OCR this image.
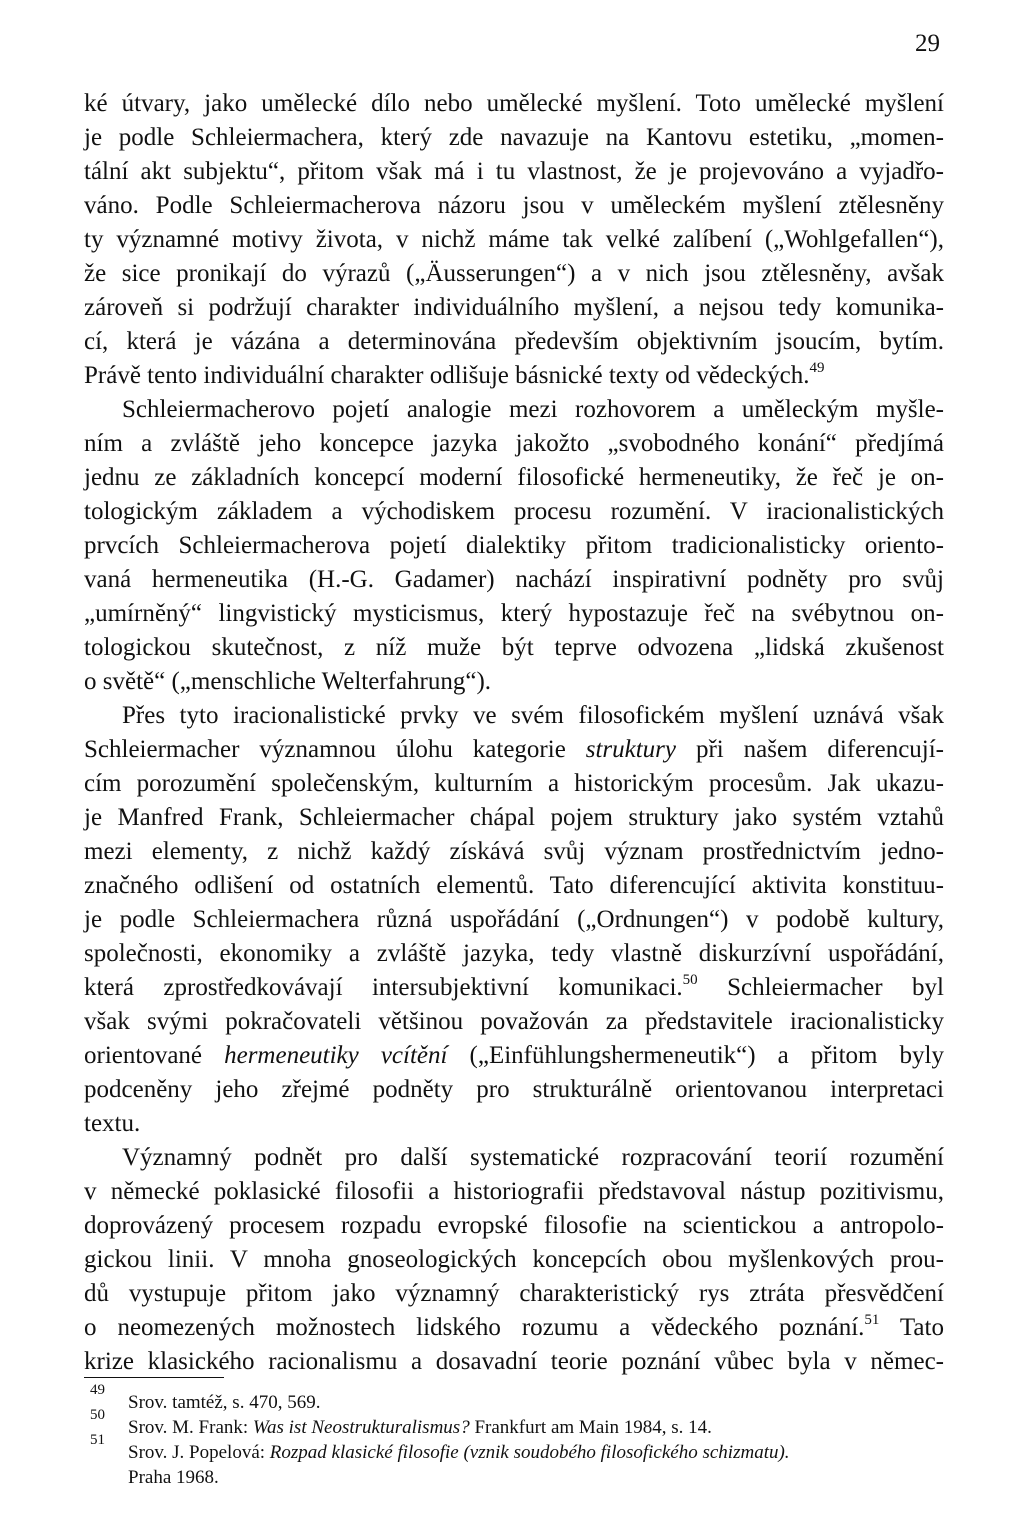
29
ké útvary, jako umělecké dílo nebo umělecké myšlení. Toto umělecké myšlení
je podle Schleiermachera, který zde navazuje na Kantovu estetiku, „momen-
tální akt subjektu“, přitom však má i tu vlastnost, že je projevováno a vyjadřo-
váno. Podle Schleiermacherova názoru jsou v uměleckém myšlení ztělesněny
ty významné motivy života, v nichž máme tak velké zalíbení („Wohlgefallen“),
že sice pronikají do výrazů („Äusserungen“) a v nich jsou ztělesněny, avšak
zároveň si podržují charakter individuálního myšlení, a nejsou tedy komunika-
cí, která je vázána a determinována především objektivním jsoucím, bytím.
Právě tento individuální charakter odlišuje básnické texty od vědeckých.$^{49}$
Schleiermacherovo pojetí analogie mezi rozhovorem a uměleckým myšle-
ním a zvláště jeho koncepce jazyka jakožto „svobodného konání“ předjímá
jednu ze základních koncepcí moderní filosofické hermeneutiky, že řeč je on-
tologickým základem a východiskem procesu rozumění. V iracionalistických
prvcích Schleiermacherova pojetí dialektiky přitom tradicionalisticky oriento-
vaná hermeneutika (H.-G. Gadamer) nachází inspirativní podněty pro svůj
„umírněný“ lingvistický mysticismus, který hypostazuje řeč na svébytnou on-
tologickou skutečnost, z níž muže být teprve odvozena „lidská zkušenost
o světě“ („menschliche Welterfahrung“).
Přes tyto iracionalistické prvky ve svém filosofickém myšlení uznává však
Schleiermacher významnou úlohu kategorie struktury při našem diferencují-
cím porozumění společenským, kulturním a historickým procesům. Jak ukazu-
je Manfred Frank, Schleiermacher chápal pojem struktury jako systém vztahů
mezi elementy, z nichž každý získává svůj význam prostřednictvím jedno-
značného odlišení od ostatních elementů. Tato diferencující aktivita konstituu-
je podle Schleiermachera různá uspořádání („Ordnungen“) v podobě kultury,
společnosti, ekonomiky a zvláště jazyka, tedy vlastně diskurzívní uspořádání,
která zprostředkovávají intersubjektivní komunikaci.$^{50}$ Schleiermacher byl
však svými pokračovateli většinou považován za představitele iracionalisticky
orientované hermeneutiky vcítění („Einfühlungshermeneutik“) a přitom byly
podceněny jeho zřejmé podněty pro strukturálně orientovanou interpretaci
textu.
Významný podnět pro další systematické rozpracování teorií rozumění
v německé poklasické filosofii a historiografii představoval nástup pozitivismu,
doprovázený procesem rozpadu evropské filosofie na scientickou a antropolo-
gickou linii. V mnoha gnoseologických koncepcích obou myšlenkových prou-
dů vystupuje přitom jako významný charakteristický rys ztráta přesvědčení
o neomezených možnostech lidského rozumu a vědeckého poznání.$^{51}$ Tato
krize klasického racionalismu a dosavadní teorie poznání vůbec byla v němec-
49
Srov. tamtéž, s. 470, 569.
50
Srov. M. Frank: Was ist Neostrukturalismus? Frankfurt am Main 1984, s. 14.
51
Srov. J. Popelová: Rozpad klasické filosofie (vznik soudobého filosofického schizmatu).
Praha 1968.
